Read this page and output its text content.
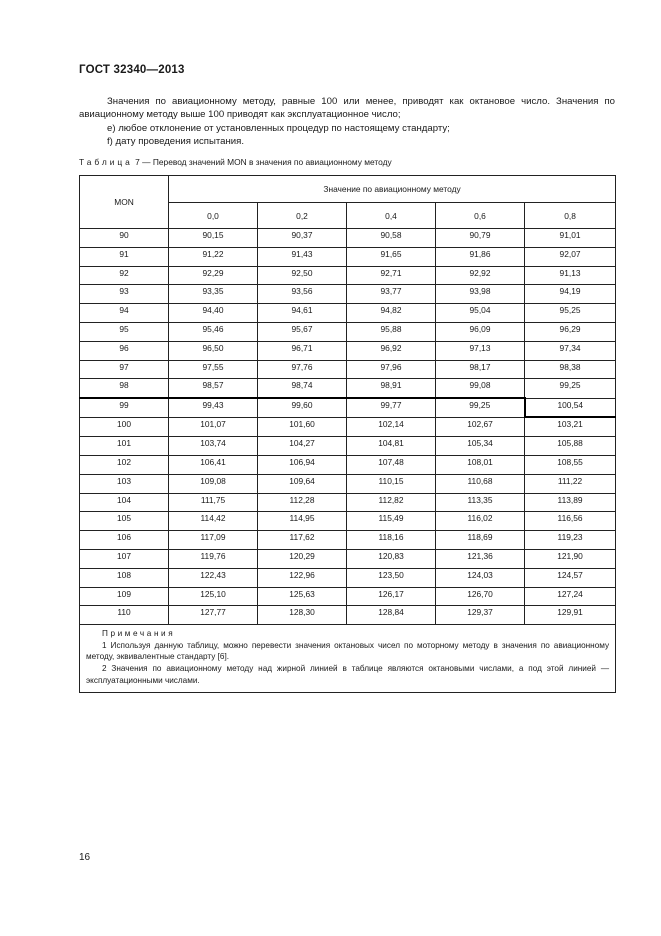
ГОСТ 32340—2013
Значения по авиационному методу, равные 100 или менее, приводят как октановое число. Значения по авиационному методу выше 100 приводят как эксплуатационное число;
е) любое отклонение от установленных процедур по настоящему стандарту;
f) дату проведения испытания.
Таблица 7 — Перевод значений MON в значения по авиационному методу
MON	Значение по авиационному методу				
	0,0	0,2	0,4	0,6	0,8
90	90,15	90,37	90,58	90,79	91,01
91	91,22	91,43	91,65	91,86	92,07
92	92,29	92,50	92,71	92,92	91,13
93	93,35	93,56	93,77	93,98	94,19
94	94,40	94,61	94,82	95,04	95,25
95	95,46	95,67	95,88	96,09	96,29
96	96,50	96,71	96,92	97,13	97,34
97	97,55	97,76	97,96	98,17	98,38
98	98,57	98,74	98,91	99,08	99,25
99	99,43	99,60	99,77	99,25	100,54
100	101,07	101,60	102,14	102,67	103,21
101	103,74	104,27	104,81	105,34	105,88
102	106,41	106,94	107,48	108,01	108,55
103	109,08	109,64	110,15	110,68	111,22
104	111,75	112,28	112,82	113,35	113,89
105	114,42	114,95	115,49	116,02	116,56
106	117,09	117,62	118,16	118,69	119,23
107	119,76	120,29	120,83	121,36	121,90
108	122,43	122,96	123,50	124,03	124,57
109	125,10	125,63	126,17	126,70	127,24
110	127,77	128,30	128,84	129,37	129,91

Примечания
1 Используя данную таблицу, можно перевести значения октановых чисел по моторному методу в значения по авиационному методу, эквивалентные стандарту [6].
2 Значения по авиационному методу над жирной линией в таблице являются октановыми числами, а под этой линией — эксплуатационными числами.					
16
